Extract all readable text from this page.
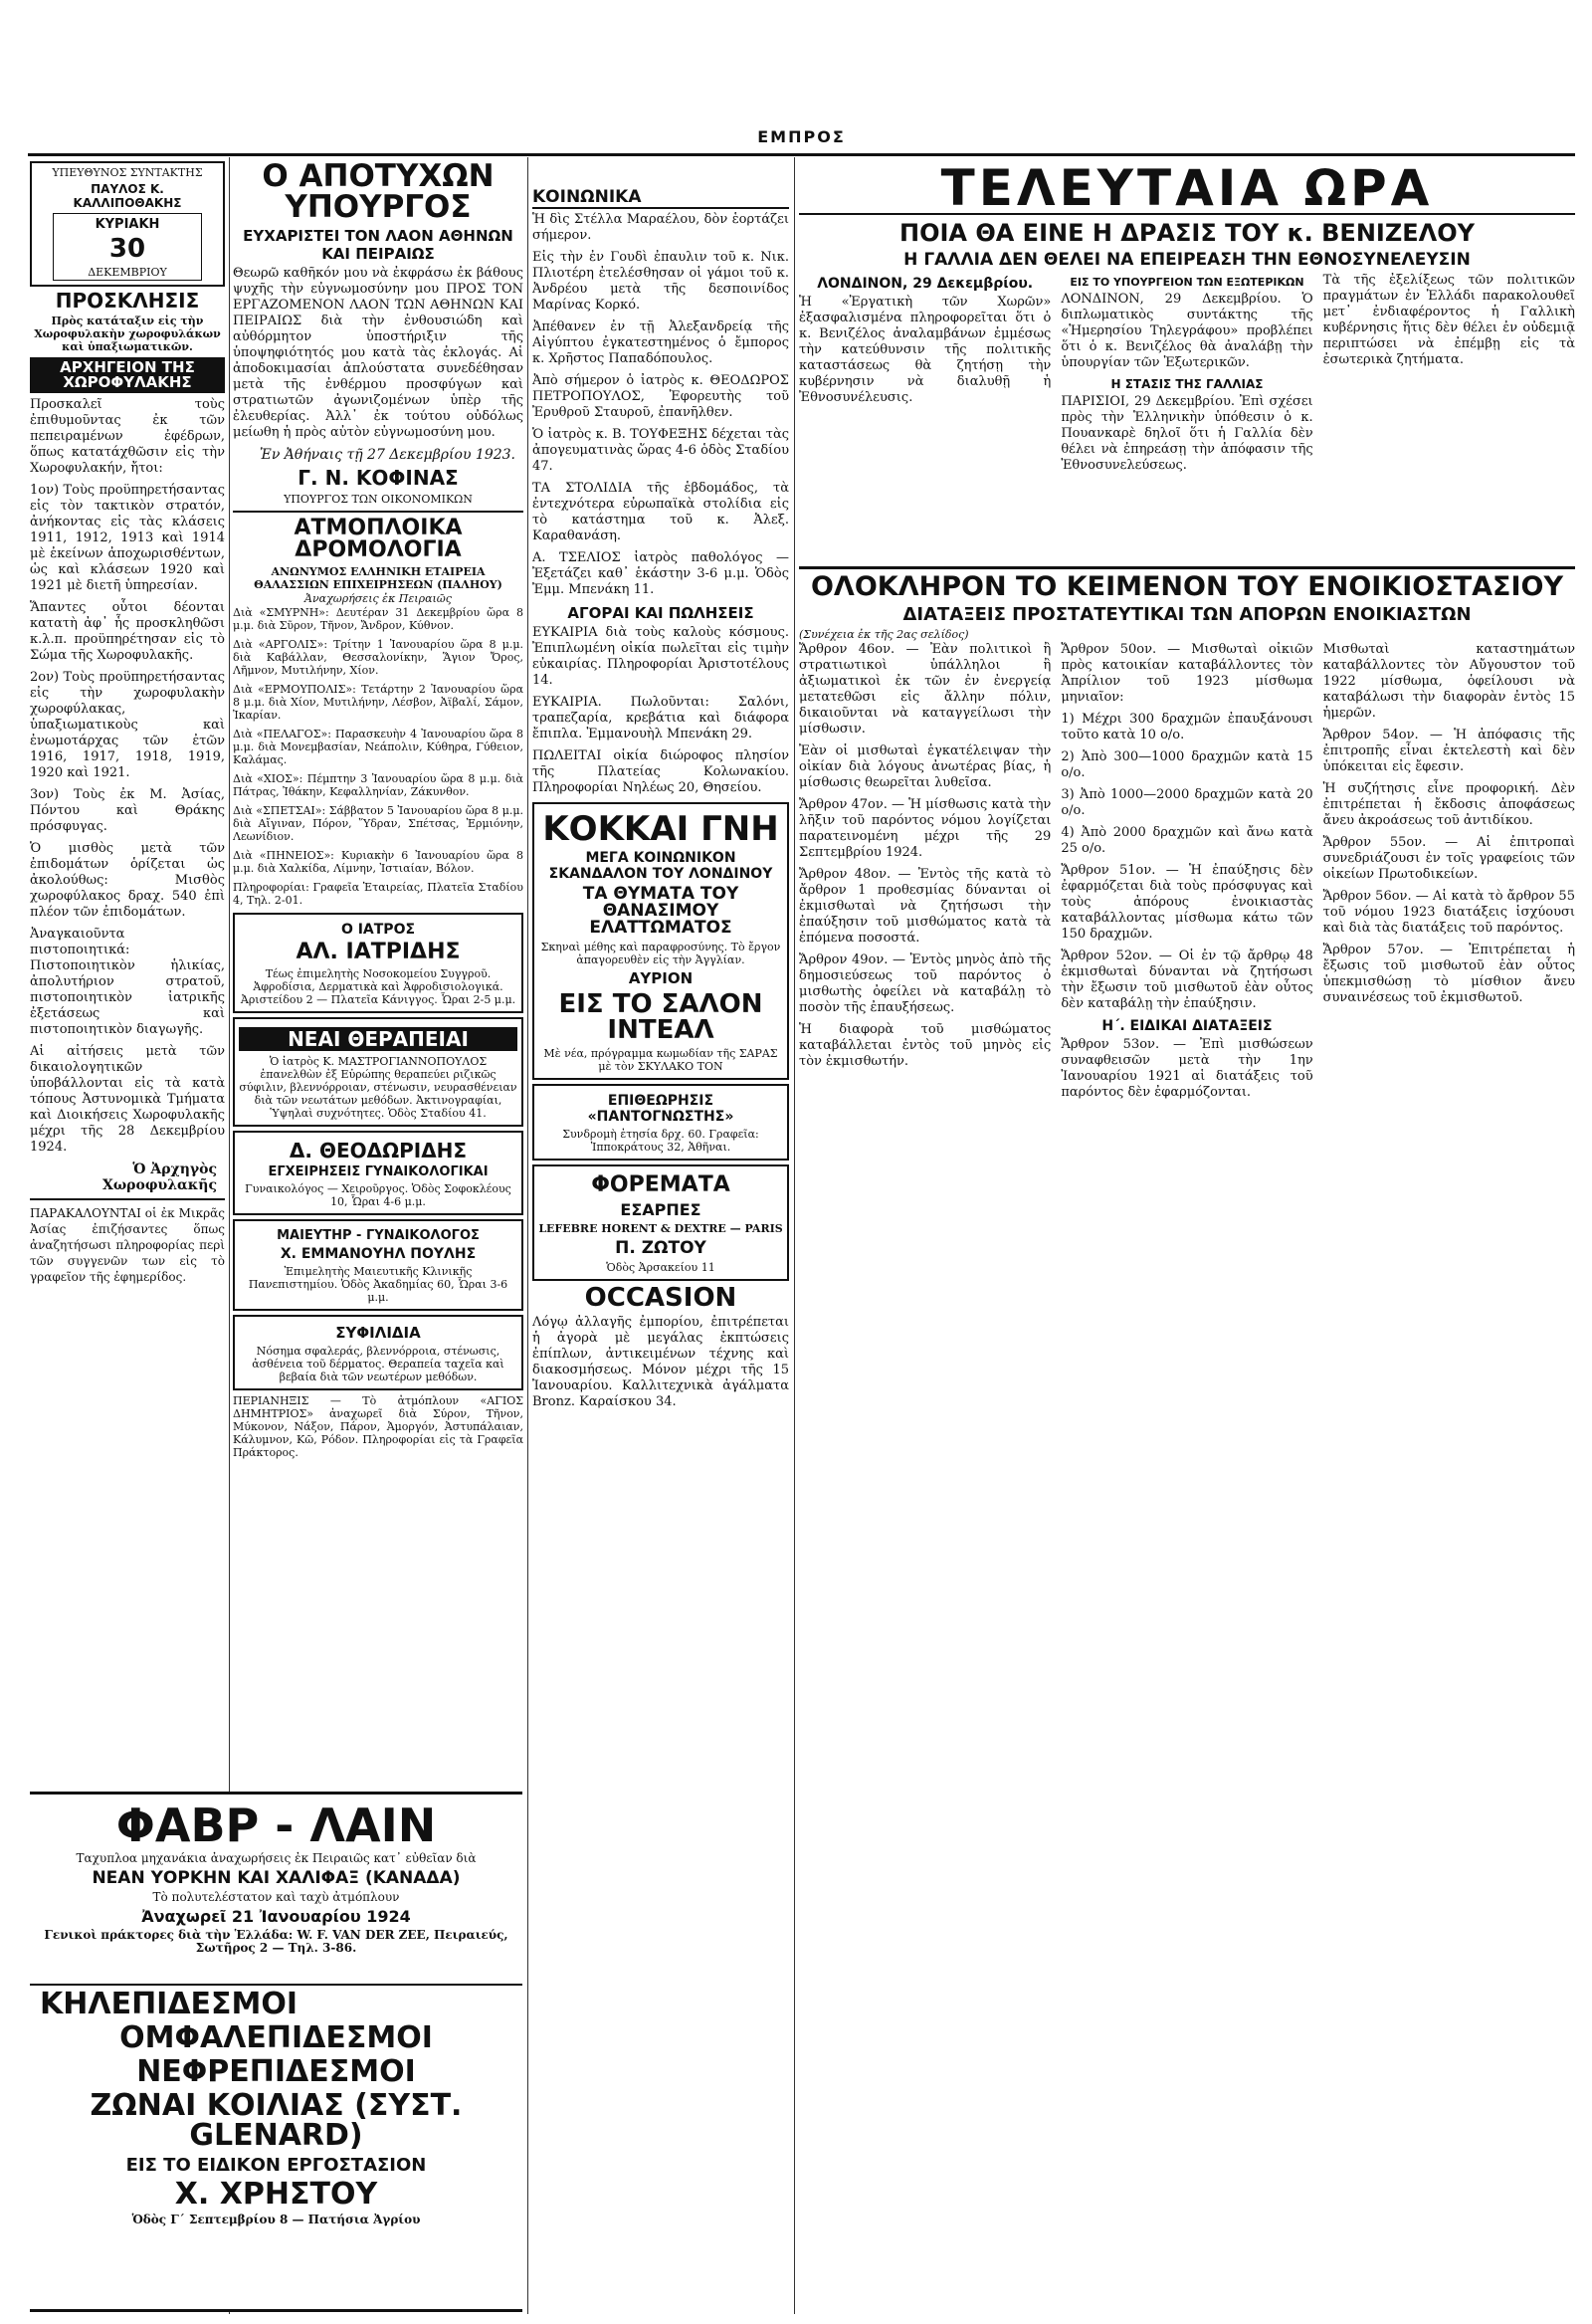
ΕΜΠΡΟΣ
ΥΠΕΥΘΥΝΟΣ ΣΥΝΤΑΚΤΗΣ
ΠΑΥΛΟΣ Κ. ΚΑΛΛΙΠΟΘΑΚΗΣ
ΚΥΡΙΑΚΗ
30
ΔΕΚΕΜΒΡΙΟΥ
ΠΡΟΣΚΛΗΣΙΣ
Πρὸς κατάταξιν εἰς τὴν Χωροφυλακὴν χωροφυλάκων καὶ ὑπαξιωματικῶν.
ΑΡΧΗΓΕΙΟΝ ΤΗΣ ΧΩΡΟΦΥΛΑΚΗΣ

Προσκαλεῖ τοὺς ἐπιθυμοῦντας ἐκ τῶν πεπειραμένων ἐφέδρων, ὅπως κατατάχθῶσιν εἰς τὴν Χωροφυλακήν, ἤτοι:

1ον) Τοὺς προϋπηρετήσαντας εἰς τὸν τακτικὸν στρατόν, ἀνήκοντας εἰς τὰς κλάσεις 1911, 1912, 1913 καὶ 1914 μὲ ἐκείνων ἀποχωρισθέντων, ὡς καὶ κλάσεων 1920 καὶ 1921 μὲ διετῆ ὑπηρεσίαν.

Ἅπαντες οὗτοι δέονται κατατὴ ἀφ᾽ ἧς προσκληθῶσι κ.λ.π. προϋπηρέτησαν εἰς τὸ Σώμα τῆς Χωροφυλακῆς.

2ον) Τοὺς προϋπηρετήσαντας εἰς τὴν χωροφυλακὴν χωροφύλακας, ὑπαξιωματικοὺς καὶ ἐνωμοτάρχας τῶν ἐτῶν 1916, 1917, 1918, 1919, 1920 καὶ 1921.

3ον) Τοὺς ἐκ Μ. Ἀσίας, Πόντου καὶ Θράκης πρόσφυγας.

Ὁ μισθὸς μετὰ τῶν ἐπιδομάτων ὁρίζεται ὡς ἀκολούθως: Μισθὸς χωροφύλακος δραχ. 540 ἐπὶ πλέον τῶν ἐπιδομάτων.

Ἀναγκαιοῦντα πιστοποιητικά: Πιστοποιητικὸν ἡλικίας, ἀπολυτήριον στρατοῦ, πιστοποιητικὸν ἰατρικῆς ἐξετάσεως καὶ πιστοποιητικὸν διαγωγῆς.

Αἱ αἰτήσεις μετὰ τῶν δικαιολογητικῶν ὑποβάλλονται εἰς τὰ κατὰ τόπους Ἀστυνομικὰ Τμήματα καὶ Διοικήσεις Χωροφυλακῆς μέχρι τῆς 28 Δεκεμβρίου 1924.

Ὁ Ἀρχηγὸς Χωροφυλακῆς

ΠΑΡΑΚΑΛΟΥΝΤΑΙ οἱ ἐκ Μικρᾶς Ἀσίας ἐπιζήσαντες ὅπως ἀναζητήσωσι πληροφορίας περὶ τῶν συγγενῶν των εἰς τὸ γραφεῖον τῆς ἐφημερίδος.

ΦΑΒΡ - ΛΑΙΝ
Ταχυπλοα μηχανάκια ἀναχωρήσεις ἐκ Πειραιῶς κατ᾽ εὐθεῖαν διὰ
ΝΕΑΝ ΥΟΡΚΗΝ ΚΑΙ ΧΑΛΙΦΑΞ (ΚΑΝΑΔΑ)
Τὸ πολυτελέστατον καὶ ταχὺ ἀτμόπλουν
Ἀναχωρεῖ 21 Ἰανουαρίου 1924
Γενικοὶ πράκτορες διὰ τὴν Ἑλλάδα: W. F. VAN DER ZEE, Πειραιεύς, Σωτῆρος 2 — Τηλ. 3-86.
ΚΗΛΕΠΙΔΕΣΜΟΙ
ΟΜΦΑΛΕΠΙΔΕΣΜΟΙ
ΝΕΦΡΕΠΙΔΕΣΜΟΙ
ΖΩΝΑΙ ΚΟΙΛΙΑΣ (ΣΥΣΤ. GLENARD)
ΕΙΣ ΤΟ ΕΙΔΙΚΟΝ ΕΡΓΟΣΤΑΣΙΟΝ
Χ. ΧΡΗΣΤΟΥ
Ὁδὸς Γ΄ Σεπτεμβρίου 8 — Πατήσια Ἀγρίου
Ο ΑΠΟΤΥΧΩΝ ΥΠΟΥΡΓΟΣ
ΕΥΧΑΡΙΣΤΕΙ ΤΟΝ ΛΑΟΝ ΑΘΗΝΩΝ ΚΑΙ ΠΕΙΡΑΙΩΣ

Θεωρῶ καθῆκόν μου νὰ ἐκφράσω ἐκ βάθους ψυχῆς τὴν εὐγνωμοσύνην μου ΠΡΟΣ ΤΟΝ ΕΡΓΑΖΟΜΕΝΟΝ ΛΑΟΝ ΤΩΝ ΑΘΗΝΩΝ ΚΑΙ ΠΕΙΡΑΙΩΣ διὰ τὴν ἐνθουσιώδη καὶ αὐθόρμητον ὑποστήριξιν τῆς ὑποψηφιότητός μου κατὰ τὰς ἐκλογάς. Αἱ ἀποδοκιμασίαι ἀπλούστατα συνεδέθησαν μετὰ τῆς ἐνθέρμου προσφύγων καὶ στρατιωτῶν ἀγωνιζομένων ὑπὲρ τῆς ἐλευθερίας. Ἀλλ᾽ ἐκ τούτου οὐδόλως μείωθη ἡ πρὸς αὐτὸν εὐγνωμοσύνη μου.

Ἐν Ἀθήναις τῇ 27 Δεκεμβρίου 1923.
Γ. Ν. ΚΟΦΙΝΑΣ
ΥΠΟΥΡΓΟΣ ΤΩΝ ΟΙΚΟΝΟΜΙΚΩΝ
ΑΤΜΟΠΛΟΙΚΑ ΔΡΟΜΟΛΟΓΙΑ
ΑΝΩΝΥΜΟΣ ΕΛΛΗΝΙΚΗ ΕΤΑΙΡΕΙΑ ΘΑΛΑΣΣΙΩΝ ΕΠΙΧΕΙΡΗΣΕΩΝ (ΠΑΛΗΟΥ)
Ἀναχωρήσεις ἐκ Πειραιῶς

Διὰ «ΣΜΥΡΝΗ»: Δευτέραν 31 Δεκεμβρίου ὥρα 8 μ.μ. διὰ Σῦρον, Τῆνον, Ἄνδρον, Κύθνον.

Διὰ «ΑΡΓΟΛΙΣ»: Τρίτην 1 Ἰανουαρίου ὥρα 8 μ.μ. διὰ Καβάλλαν, Θεσσαλονίκην, Ἅγιον Ὄρος, Λῆμνον, Μυτιλήνην, Χίον.

Διὰ «ΕΡΜΟΥΠΟΛΙΣ»: Τετάρτην 2 Ἰανουαρίου ὥρα 8 μ.μ. διὰ Χίον, Μυτιλήνην, Λέσβον, Ἀϊβαλί, Σάμον, Ἰκαρίαν.

Διὰ «ΠΕΛΑΓΟΣ»: Παρασκευὴν 4 Ἰανουαρίου ὥρα 8 μ.μ. διὰ Μονεμβασίαν, Νεάπολιν, Κύθηρα, Γύθειον, Καλάμας.

Διὰ «ΧΙΟΣ»: Πέμπτην 3 Ἰανουαρίου ὥρα 8 μ.μ. διὰ Πάτρας, Ἰθάκην, Κεφαλληνίαν, Ζάκυνθον.

Διὰ «ΣΠΕΤΣΑΙ»: Σάββατον 5 Ἰανουαρίου ὥρα 8 μ.μ. διὰ Αἴγιναν, Πόρον, Ὕδραν, Σπέτσας, Ἑρμιόνην, Λεωνίδιον.

Διὰ «ΠΗΝΕΙΟΣ»: Κυριακὴν 6 Ἰανουαρίου ὥρα 8 μ.μ. διὰ Χαλκίδα, Λίμνην, Ἰστιαίαν, Βόλον.

Πληροφορίαι: Γραφεῖα Ἑταιρείας, Πλατεῖα Σταδίου 4, Τηλ. 2-01.

Ο ΙΑΤΡΟΣ
ΑΛ. ΙΑΤΡΙΔΗΣ
Τέως ἐπιμελητὴς Νοσοκομείου Συγγροῦ. Ἀφροδίσια, Δερματικὰ καὶ Ἀφροδισιολογικά. Ἀριστείδου 2 — Πλατεῖα Κάνιγγος. Ὧραι 2-5 μ.μ.
ΝΕΑΙ ΘΕΡΑΠΕΙΑΙ
Ὁ ἰατρὸς Κ. ΜΑΣΤΡΟΓΙΑΝΝΟΠΟΥΛΟΣ ἐπανελθὼν ἐξ Εὐρώπης θεραπεύει ριζικῶς σύφιλιν, βλεννόρροιαν, στένωσιν, νευρασθένειαν διὰ τῶν νεωτάτων μεθόδων. Ἀκτινογραφίαι, Ὑψηλαὶ συχνότητες. Ὁδὸς Σταδίου 41.
Δ. ΘΕΟΔΩΡΙΔΗΣ
ΕΓΧΕΙΡΗΣΕΙΣ ΓΥΝΑΙΚΟΛΟΓΙΚΑΙ
Γυναικολόγος — Χειροῦργος. Ὁδὸς Σοφοκλέους 10, Ὧραι 4-6 μ.μ.
ΜΑΙΕΥΤΗΡ - ΓΥΝΑΙΚΟΛΟΓΟΣ
Χ. ΕΜΜΑΝΟΥΗΛ ΠΟΥΛΗΣ
Ἐπιμελητὴς Μαιευτικῆς Κλινικῆς Πανεπιστημίου. Ὁδὸς Ἀκαδημίας 60, Ὧραι 3-6 μ.μ.
ΣΥΦΙΛΙΔΙΑ
Νόσημα σφαλεράς, βλεννόρροια, στένωσις, ἀσθένεια τοῦ δέρματος. Θεραπεία ταχεῖα καὶ βεβαία διὰ τῶν νεωτέρων μεθόδων.

ΠΕΡΙΑΝΗΞΙΣ — Τὸ ἀτμόπλουν «ΑΓΙΟΣ ΔΗΜΗΤΡΙΟΣ» ἀναχωρεῖ διὰ Σύρον, Τῆνον, Μύκονον, Νάξον, Πάρον, Ἀμοργόν, Ἀστυπάλαιαν, Κάλυμνον, Κῶ, Ρόδον. Πληροφορίαι εἰς τὰ Γραφεῖα Πράκτορος.

ΚΟΙΝΩΝΙΚΑ

Ἡ δὶς Στέλλα Μαραέλου, δὸν ἑορτάζει σήμερον.

Εἰς τὴν ἐν Γουδὶ ἐπαυλιν τοῦ κ. Νικ. Πλιοτέρη ἐτελέσθησαν οἱ γάμοι τοῦ κ. Ἀνδρέου μετὰ τῆς δεσποινίδος Μαρίνας Κορκό.

Ἀπέθανεν ἐν τῇ Ἀλεξανδρείᾳ τῆς Αἰγύπτου ἐγκατεστημένος ὁ ἔμπορος κ. Χρῆστος Παπαδόπουλος.

Ἀπὸ σήμερον ὁ ἰατρὸς κ. ΘΕΟΔΩΡΟΣ ΠΕΤΡΟΠΟΥΛΟΣ, Ἐφορευτὴς τοῦ Ἐρυθροῦ Σταυροῦ, ἐπανῆλθεν.

Ὁ ἰατρὸς κ. Β. ΤΟΥΦΕΞΗΣ δέχεται τὰς ἀπογευματινὰς ὥρας 4-6 ὁδὸς Σταδίου 47.

ΤΑ ΣΤΟΛΙΔΙΑ τῆς ἑβδομάδος, τὰ ἐντεχνότερα εὐρωπαϊκὰ στολίδια εἰς τὸ κατάστημα τοῦ κ. Ἀλεξ. Καραθανάση.

Α. ΤΣΕΛΙΟΣ ἰατρὸς παθολόγος — Ἐξετάζει καθ᾽ ἑκάστην 3-6 μ.μ. Ὁδὸς Ἐμμ. Μπενάκη 11.

ΑΓΟΡΑΙ ΚΑΙ ΠΩΛΗΣΕΙΣ

ΕΥΚΑΙΡΙΑ διὰ τοὺς καλοὺς κόσμους. Ἐπιπλωμένη οἰκία πωλεῖται εἰς τιμὴν εὐκαιρίας. Πληροφορίαι Ἀριστοτέλους 14.

ΕΥΚΑΙΡΙΑ. Πωλοῦνται: Σαλόνι, τραπεζαρία, κρεβάτια καὶ διάφορα ἔπιπλα. Ἐμμανουὴλ Μπενάκη 29.

ΠΩΛΕΙΤΑΙ οἰκία διώροφος πλησίον τῆς Πλατείας Κολωνακίου. Πληροφορίαι Νηλέως 20, Θησείου.

ΚΟΚΚΑΙ ΓΝΗ
ΜΕΓΑ ΚΟΙΝΩΝΙΚΟΝ ΣΚΑΝΔΑΛΟΝ ΤΟΥ ΛΟΝΔΙΝΟΥ
ΤΑ ΘΥΜΑΤΑ ΤΟΥ ΘΑΝΑΣΙΜΟΥ ΕΛΑΤΤΩΜΑΤΟΣ
Σκηναὶ μέθης καὶ παραφροσύνης. Τὸ ἔργον ἀπαγορευθὲν εἰς τὴν Ἀγγλίαν.
ΑΥΡΙΟΝ
ΕΙΣ ΤΟ ΣΑΛΟΝ ΙΝΤΕΑΛ
Μὲ νέα, πρόγραμμα κωμωδίαν τῆς ΣΑΡΑΣ μὲ τὸν ΣΚΥΛΑΚΟ ΤΟΝ
ΕΠΙΘΕΩΡΗΣΙΣ «ΠΑΝΤΟΓΝΩΣΤΗΣ»
Συνδρομὴ ἐτησία δρχ. 60. Γραφεῖα: Ἱπποκράτους 32, Ἀθῆναι.
ΦΟΡΕΜΑΤΑ
ΕΣΑΡΠΕΣ
LEFEBRE HORENT & DEXTRE — PARIS
Π. ΖΩΤΟΥ
Ὁδὸς Ἀρσακείου 11
OCCASION

Λόγῳ ἀλλαγῆς ἐμπορίου, ἐπιτρέπεται ἡ ἀγορὰ μὲ μεγάλας ἐκπτώσεις ἐπίπλων, ἀντικειμένων τέχνης καὶ διακοσμήσεως. Μόνον μέχρι τῆς 15 Ἰανουαρίου. Καλλιτεχνικὰ ἀγάλματα Bronz. Καραίσκου 34.

ΤΕΛΕΥΤΑΙΑ ΩΡΑ
ΠΟΙΑ ΘΑ ΕΙΝΕ Η ΔΡΑΣΙΣ ΤΟΥ κ. ΒΕΝΙΖΕΛΟΥ
Η ΓΑΛΛΙΑ ΔΕΝ ΘΕΛΕΙ ΝΑ ΕΠΕΙΡΕΑΣΗ ΤΗΝ ΕΘΝΟΣΥΝΕΛΕΥΣΙΝ
ΛΟΝΔΙΝΟΝ, 29 Δεκεμβρίου.

Ἡ «Ἐργατικὴ τῶν Χωρῶν» ἐξασφαλισμένα πληροφορεῖται ὅτι ὁ κ. Βενιζέλος ἀναλαμβάνων ἐμμέσως τὴν κατεύθυνσιν τῆς πολιτικῆς καταστάσεως θὰ ζητήσῃ τὴν κυβέρνησιν νὰ διαλυθῇ ἡ Ἐθνοσυνέλευσις.

ΕΙΣ ΤΟ ΥΠΟΥΡΓΕΙΟΝ ΤΩΝ ΕΞΩΤΕΡΙΚΩΝ

ΛΟΝΔΙΝΟΝ, 29 Δεκεμβρίου. Ὁ διπλωματικὸς συντάκτης τῆς «Ἡμερησίου Τηλεγράφου» προβλέπει ὅτι ὁ κ. Βενιζέλος θὰ ἀναλάβῃ τὴν ὑπουργίαν τῶν Ἐξωτερικῶν.

Η ΣΤΑΣΙΣ ΤΗΣ ΓΑΛΛΙΑΣ

ΠΑΡΙΣΙΟΙ, 29 Δεκεμβρίου. Ἐπὶ σχέσει πρὸς τὴν Ἑλληνικὴν ὑπόθεσιν ὁ κ. Πουανκαρὲ δηλοῖ ὅτι ἡ Γαλλία δὲν θέλει νὰ ἐπηρεάσῃ τὴν ἀπόφασιν τῆς Ἐθνοσυνελεύσεως.

Τὰ τῆς ἐξελίξεως τῶν πολιτικῶν πραγμάτων ἐν Ἑλλάδι παρακολουθεῖ μετ᾽ ἐνδιαφέροντος ἡ Γαλλικὴ κυβέρνησις ἥτις δὲν θέλει ἐν οὐδεμιᾷ περιπτώσει νὰ ἐπέμβῃ εἰς τὰ ἐσωτερικὰ ζητήματα.

ΟΛΟΚΛΗΡΟΝ ΤΟ ΚΕΙΜΕΝΟΝ ΤΟΥ ΕΝΟΙΚΙΟΣΤΑΣΙΟΥ
ΔΙΑΤΑΞΕΙΣ ΠΡΟΣΤΑΤΕΥΤΙΚΑΙ ΤΩΝ ΑΠΟΡΩΝ ΕΝΟΙΚΙΑΣΤΩΝ
(Συνέχεια ἐκ τῆς 2ας σελίδος)

Ἄρθρον 46ον. — Ἐὰν πολιτικοὶ ἢ στρατιωτικοὶ ὑπάλληλοι ἢ ἀξιωματικοὶ ἐκ τῶν ἐν ἐνεργείᾳ μετατεθῶσι εἰς ἄλλην πόλιν, δικαιοῦνται νὰ καταγγείλωσι τὴν μίσθωσιν.

Ἐὰν οἱ μισθωταὶ ἐγκατέλειψαν τὴν οἰκίαν διὰ λόγους ἀνωτέρας βίας, ἡ μίσθωσις θεωρεῖται λυθεῖσα.

Ἄρθρον 47ον. — Ἡ μίσθωσις κατὰ τὴν λῆξιν τοῦ παρόντος νόμου λογίζεται παρατεινομένη μέχρι τῆς 29 Σεπτεμβρίου 1924.

Ἄρθρον 48ον. — Ἐντὸς τῆς κατὰ τὸ ἄρθρον 1 προθεσμίας δύνανται οἱ ἐκμισθωταὶ νὰ ζητήσωσι τὴν ἐπαύξησιν τοῦ μισθώματος κατὰ τὰ ἑπόμενα ποσοστά.

Ἄρθρον 49ον. — Ἐντὸς μηνὸς ἀπὸ τῆς δημοσιεύσεως τοῦ παρόντος ὁ μισθωτὴς ὀφείλει νὰ καταβάλῃ τὸ ποσὸν τῆς ἐπαυξήσεως.

Ἡ διαφορὰ τοῦ μισθώματος καταβάλλεται ἐντὸς τοῦ μηνὸς εἰς τὸν ἐκμισθωτήν.

Ἄρθρον 50ον. — Μισθωταὶ οἰκιῶν πρὸς κατοικίαν καταβάλλοντες τὸν Ἀπρίλιον τοῦ 1923 μίσθωμα μηνιαῖον:

1) Μέχρι 300 δραχμῶν ἐπαυξάνουσι τοῦτο κατὰ 10 ο/ο.

2) Ἀπὸ 300—1000 δραχμῶν κατὰ 15 ο/ο.

3) Ἀπὸ 1000—2000 δραχμῶν κατὰ 20 ο/ο.

4) Ἀπὸ 2000 δραχμῶν καὶ ἄνω κατὰ 25 ο/ο.

Ἄρθρον 51ον. — Ἡ ἐπαύξησις δὲν ἐφαρμόζεται διὰ τοὺς πρόσφυγας καὶ τοὺς ἀπόρους ἐνοικιαστὰς καταβάλλοντας μίσθωμα κάτω τῶν 150 δραχμῶν.

Ἄρθρον 52ον. — Οἱ ἐν τῷ ἄρθρῳ 48 ἐκμισθωταὶ δύνανται νὰ ζητήσωσι τὴν ἔξωσιν τοῦ μισθωτοῦ ἐὰν οὗτος δὲν καταβάλῃ τὴν ἐπαύξησιν.

Η΄. ΕΙΔΙΚΑΙ ΔΙΑΤΑΞΕΙΣ

Ἄρθρον 53ον. — Ἐπὶ μισθώσεων συναφθεισῶν μετὰ τὴν 1ην Ἰανουαρίου 1921 αἱ διατάξεις τοῦ παρόντος δὲν ἐφαρμόζονται.

Μισθωταὶ καταστημάτων καταβάλλοντες τὸν Αὔγουστον τοῦ 1922 μίσθωμα, ὁφείλουσι νὰ καταβάλωσι τὴν διαφορὰν ἐντὸς 15 ἡμερῶν.

Ἄρθρον 54ον. — Ἡ ἀπόφασις τῆς ἐπιτροπῆς εἶναι ἐκτελεστὴ καὶ δὲν ὑπόκειται εἰς ἔφεσιν.

Ἡ συζήτησις εἶνε προφορική. Δὲν ἐπιτρέπεται ἡ ἔκδοσις ἀποφάσεως ἄνευ ἀκροάσεως τοῦ ἀντιδίκου.

Ἄρθρον 55ον. — Αἱ ἐπιτροπαὶ συνεδριάζουσι ἐν τοῖς γραφείοις τῶν οἰκείων Πρωτοδικείων.

Ἄρθρον 56ον. — Αἱ κατὰ τὸ ἄρθρον 55 τοῦ νόμου 1923 διατάξεις ἰσχύουσι καὶ διὰ τὰς διατάξεις τοῦ παρόντος.

Ἄρθρον 57ον. — Ἐπιτρέπεται ἡ ἔξωσις τοῦ μισθωτοῦ ἐὰν οὗτος ὑπεκμισθώσῃ τὸ μίσθιον ἄνευ συναινέσεως τοῦ ἐκμισθωτοῦ.
